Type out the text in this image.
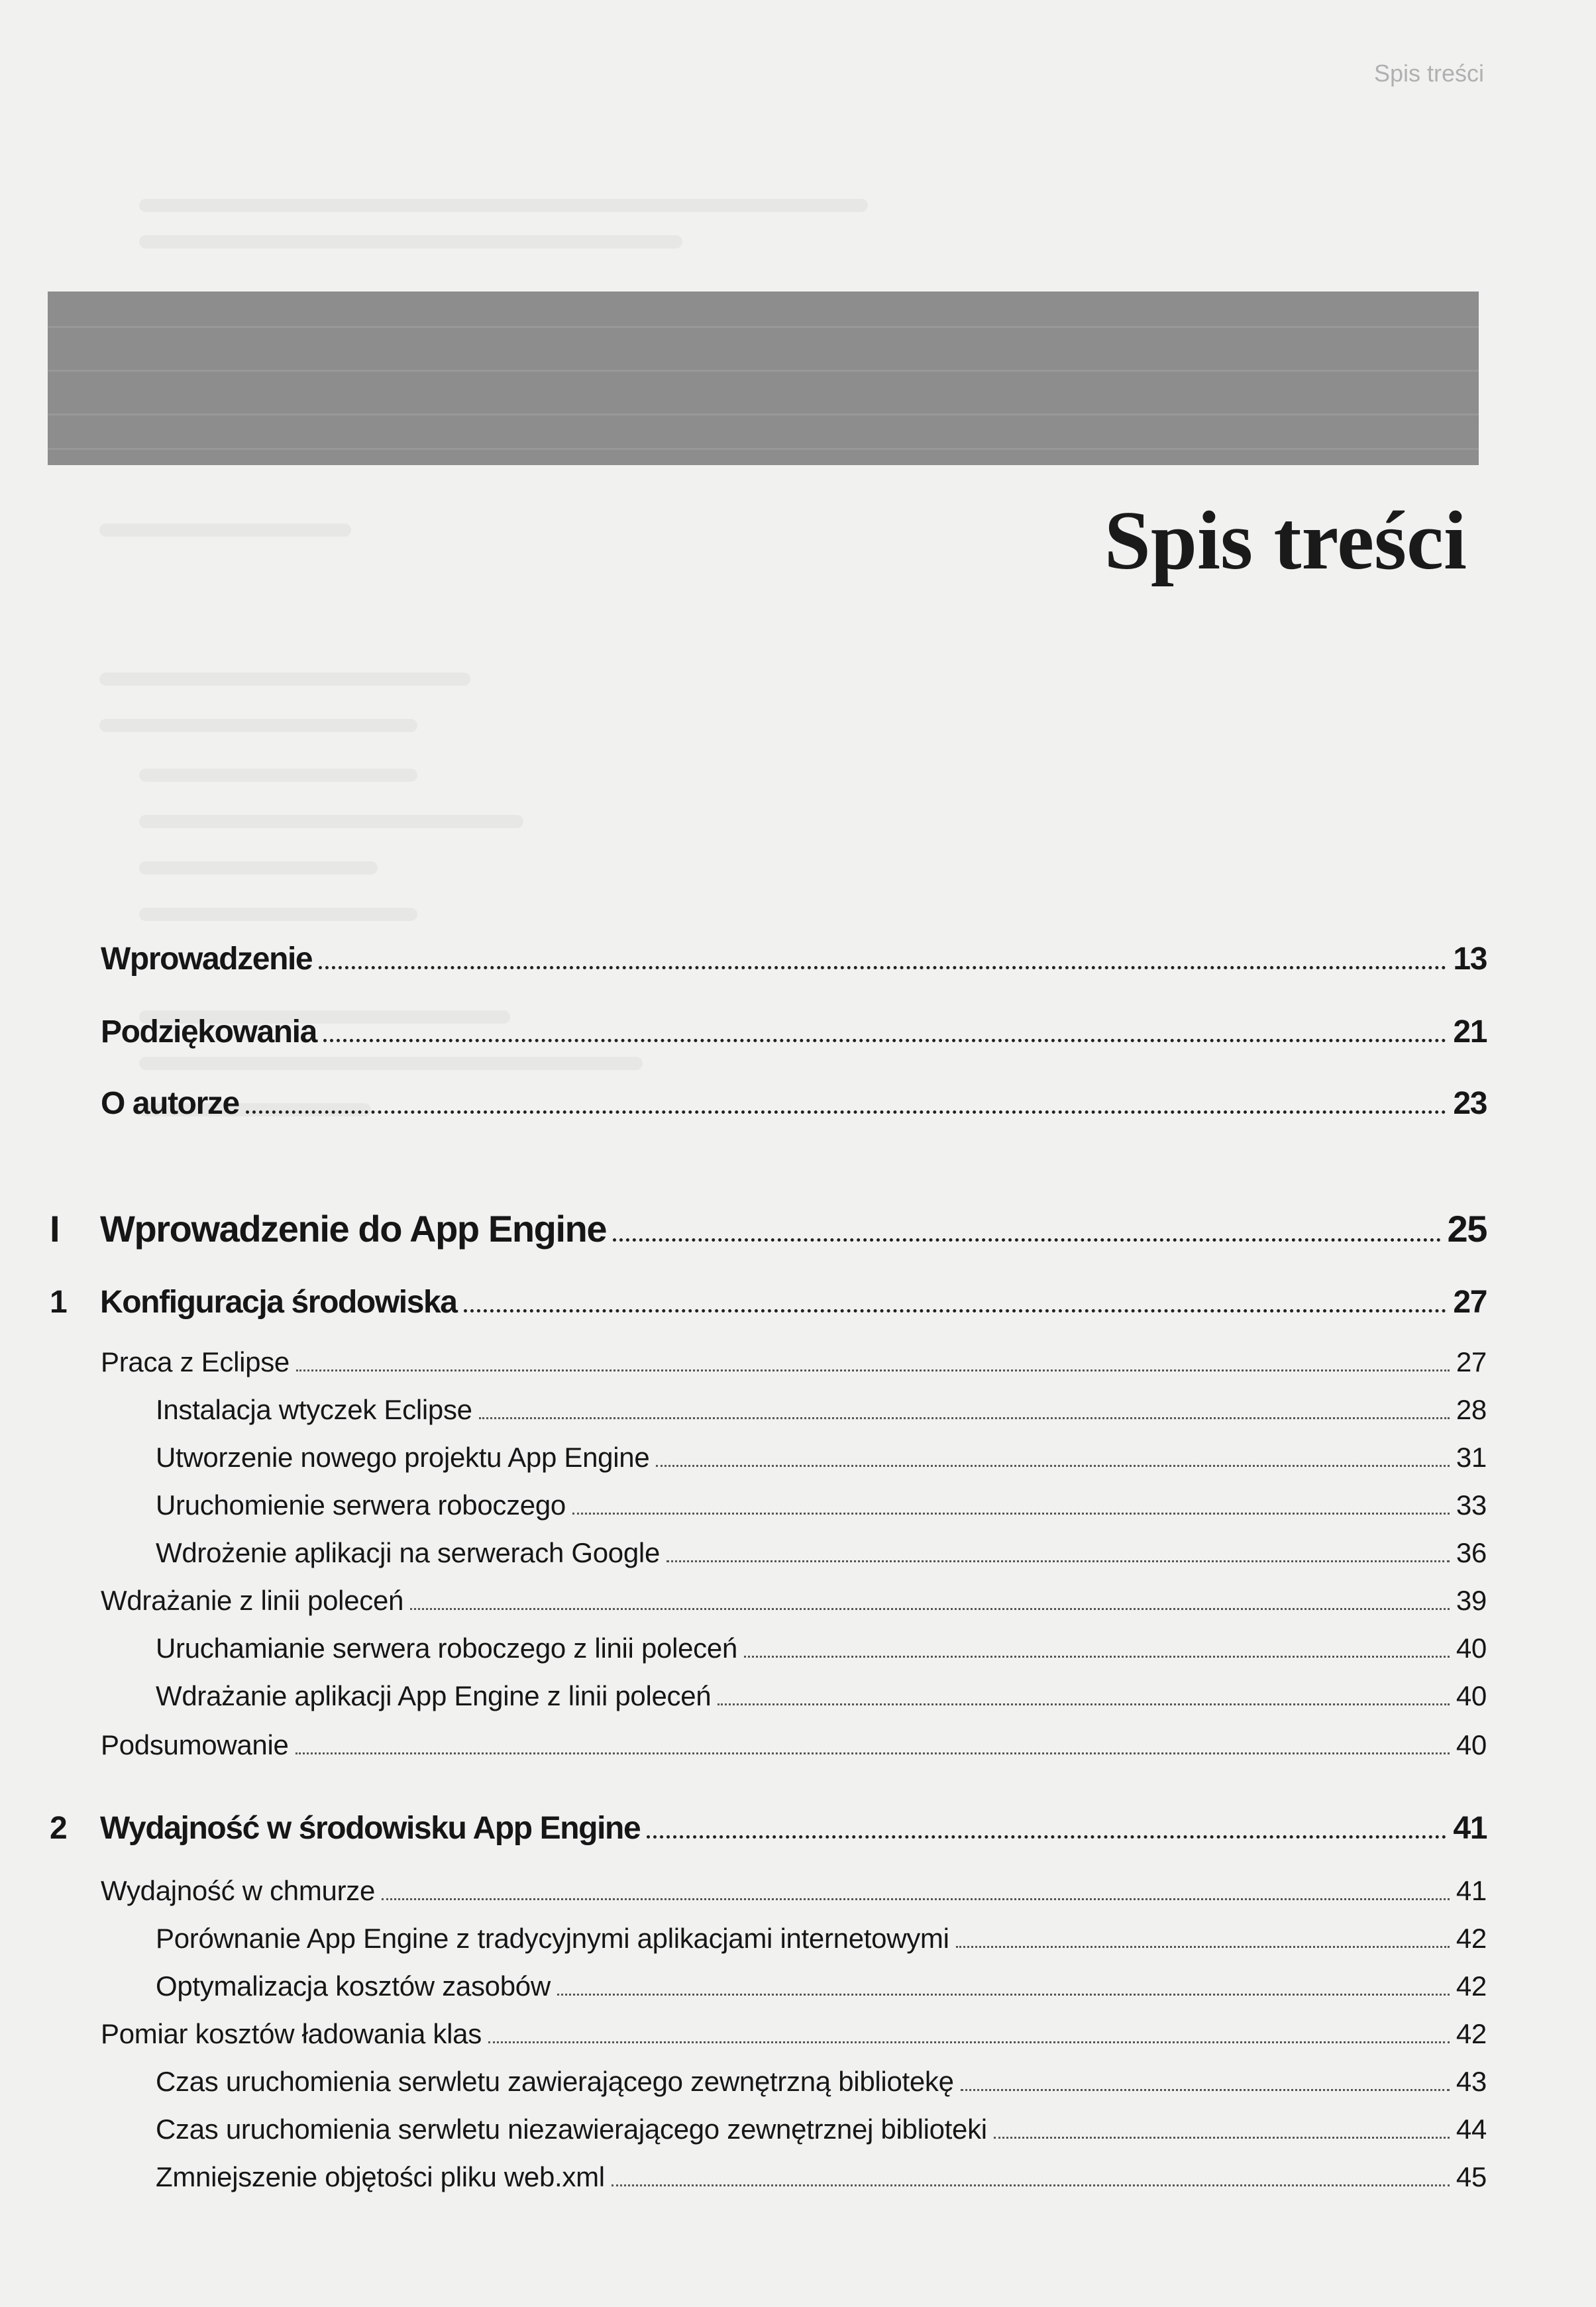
Spis treści
Spis treści
Wprowadzenie	13
Podziękowania	21
O autorze	23
I	Wprowadzenie do App Engine	25
1	Konfiguracja środowiska	27
Praca z Eclipse	27
Instalacja wtyczek Eclipse	28
Utworzenie nowego projektu App Engine	31
Uruchomienie serwera roboczego	33
Wdrożenie aplikacji na serwerach Google	36
Wdrażanie z linii poleceń	39
Uruchamianie serwera roboczego z linii poleceń	40
Wdrażanie aplikacji App Engine z linii poleceń	40
Podsumowanie	40
2	Wydajność w środowisku App Engine	41
Wydajność w chmurze	41
Porównanie App Engine z tradycyjnymi aplikacjami internetowymi	42
Optymalizacja kosztów zasobów	42
Pomiar kosztów ładowania klas	42
Czas uruchomienia serwletu zawierającego zewnętrzną bibliotekę	43
Czas uruchomienia serwletu niezawierającego zewnętrznej biblioteki	44
Zmniejszenie objętości pliku web.xml	45
